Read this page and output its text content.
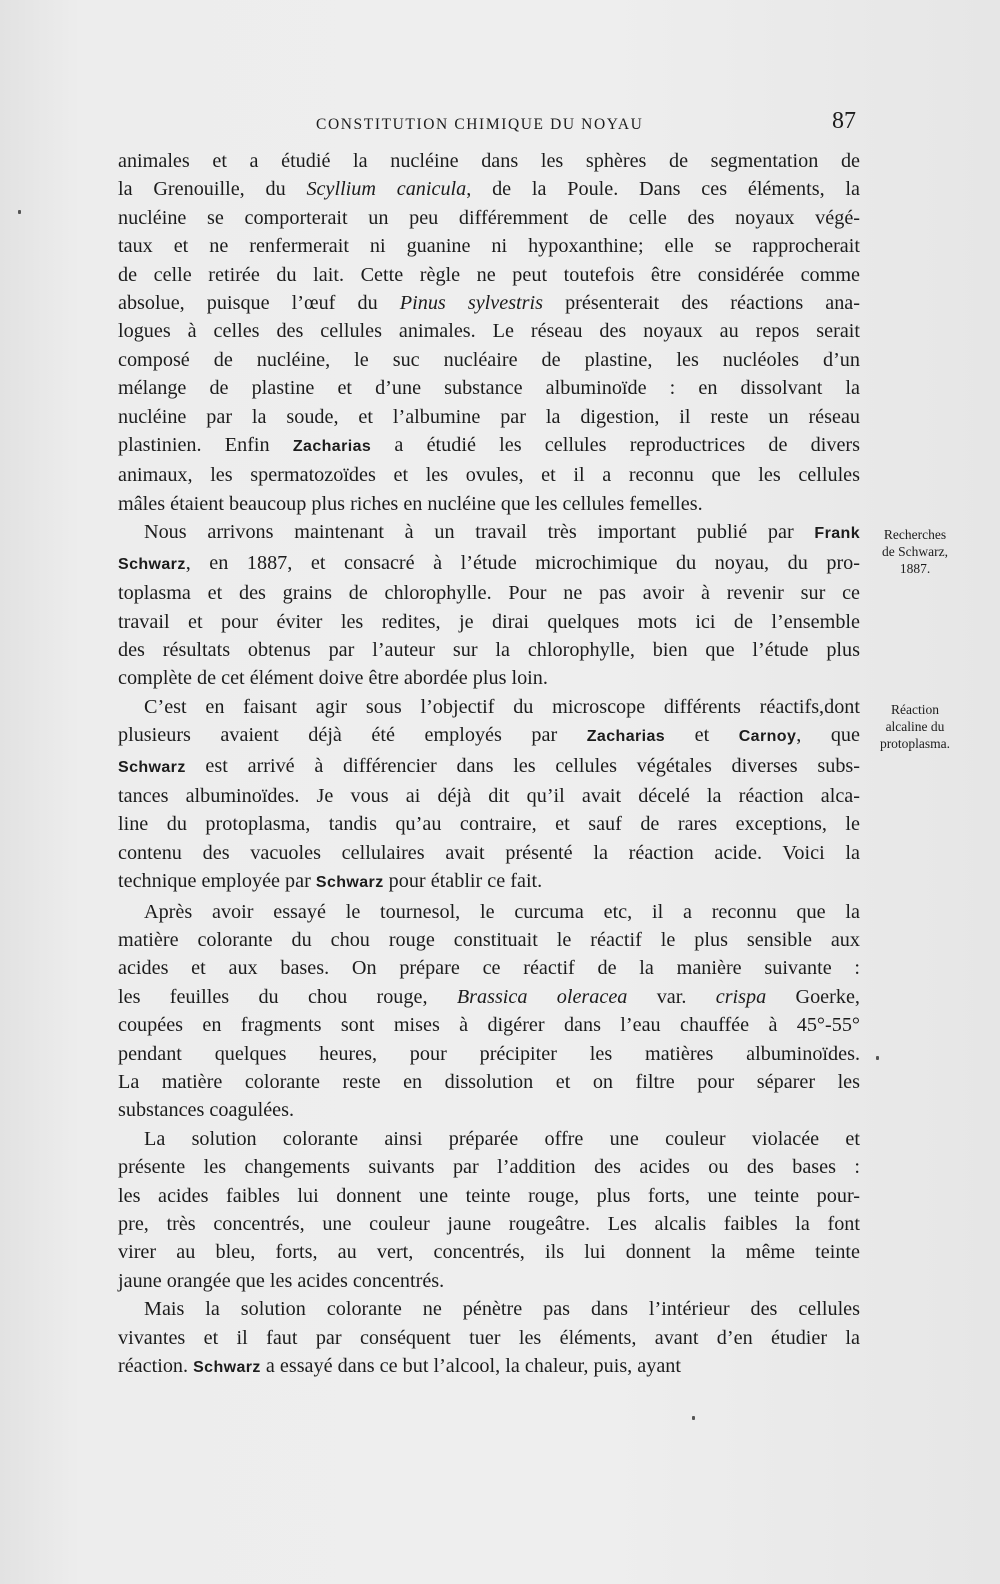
CONSTITUTION CHIMIQUE DU NOYAU	87

animales et a étudié la nucléine dans les sphères de segmentation de

la Grenouille, du Scyllium canicula, de la Poule. Dans ces éléments, la

nucléine se comporterait un peu différemment de celle des noyaux végé-

taux et ne renfermerait ni guanine ni hypoxanthine; elle se rapprocherait

de celle retirée du lait. Cette règle ne peut toutefois être considérée comme

absolue, puisque l’œuf du Pinus sylvestris présenterait des réactions ana-

logues à celles des cellules animales. Le réseau des noyaux au repos serait

composé de nucléine, le suc nucléaire de plastine, les nucléoles d’un

mélange de plastine et d’une substance albuminoïde : en dissolvant la

nucléine par la soude, et l’albumine par la digestion, il reste un réseau

plastinien. Enfin Zacharias a étudié les cellules reproductrices de divers

animaux, les spermatozoïdes et les ovules, et il a reconnu que les cellules

mâles étaient beaucoup plus riches en nucléine que les cellules femelles.

Nous arrivons maintenant à un travail très important publié par Frank

Schwarz, en 1887, et consacré à l’étude microchimique du noyau, du pro-

toplasma et des grains de chlorophylle. Pour ne pas avoir à revenir sur ce

travail et pour éviter les redites, je dirai quelques mots ici de l’ensemble

des résultats obtenus par l’auteur sur la chlorophylle, bien que l’étude plus

complète de cet élément doive être abordée plus loin.

C’est en faisant agir sous l’objectif du microscope différents réactifs,dont

plusieurs avaient déjà été employés par Zacharias et Carnoy, que

Schwarz est arrivé à différencier dans les cellules végétales diverses subs-

tances albuminoïdes. Je vous ai déjà dit qu’il avait décelé la réaction alca-

line du protoplasma, tandis qu’au contraire, et sauf de rares exceptions, le

contenu des vacuoles cellulaires avait présenté la réaction acide. Voici la

technique employée par Schwarz pour établir ce fait.

Après avoir essayé le tournesol, le curcuma etc, il a reconnu que la

matière colorante du chou rouge constituait le réactif le plus sensible aux

acides et aux bases. On prépare ce réactif de la manière suivante :

les feuilles du chou rouge, Brassica oleracea var. crispa Goerke,

coupées en fragments sont mises à digérer dans l’eau chauffée à 45°-55°

pendant quelques heures, pour précipiter les matières albuminoïdes.

La matière colorante reste en dissolution et on filtre pour séparer les

substances coagulées.

La solution colorante ainsi préparée offre une couleur violacée et

présente les changements suivants par l’addition des acides ou des bases :

les acides faibles lui donnent une teinte rouge, plus forts, une teinte pour-

pre, très concentrés, une couleur jaune rougeâtre. Les alcalis faibles la font

virer au bleu, forts, au vert, concentrés, ils lui donnent la même teinte

jaune orangée que les acides concentrés.

Mais la solution colorante ne pénètre pas dans l’intérieur des cellules

vivantes et il faut par conséquent tuer les éléments, avant d’en étudier la

réaction. Schwarz a essayé dans ce but l’alcool, la chaleur, puis, ayant

Recherches
de Schwarz,
1887.
Réaction
alcaline du
protoplasma.
